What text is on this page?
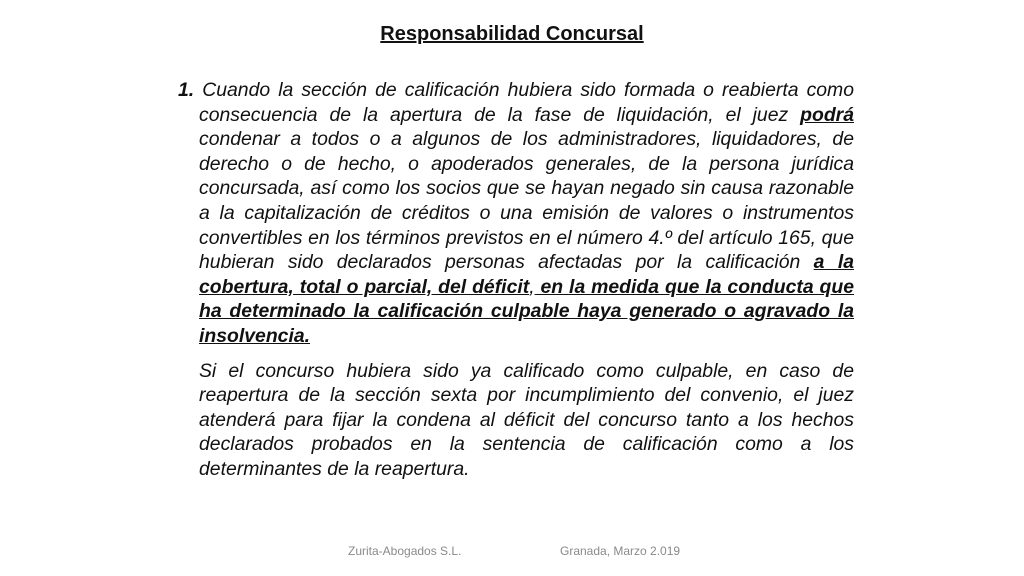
Responsabilidad Concursal

1. Cuando la sección de calificación hubiera sido formada o reabierta como consecuencia de la apertura de la fase de liquidación, el juez podrá condenar a todos o a algunos de los administradores, liquidadores, de derecho o de hecho, o apoderados generales, de la persona jurídica concursada, así como los socios que se hayan negado sin causa razonable a la capitalización de créditos o una emisión de valores o instrumentos convertibles en los términos previstos en el número 4.º del artículo 165, que hubieran sido declarados personas afectadas por la calificación a la cobertura, total o parcial, del déficit, en la medida que la conducta que ha determinado la calificación culpable haya generado o agravado la insolvencia.

Si el concurso hubiera sido ya calificado como culpable, en caso de reapertura de la sección sexta por incumplimiento del convenio, el juez atenderá para fijar la condena al déficit del concurso tanto a los hechos declarados probados en la sentencia de calificación como a los determinantes de la reapertura.

Zurita-Abogados S.L.	Granada, Marzo 2.019
